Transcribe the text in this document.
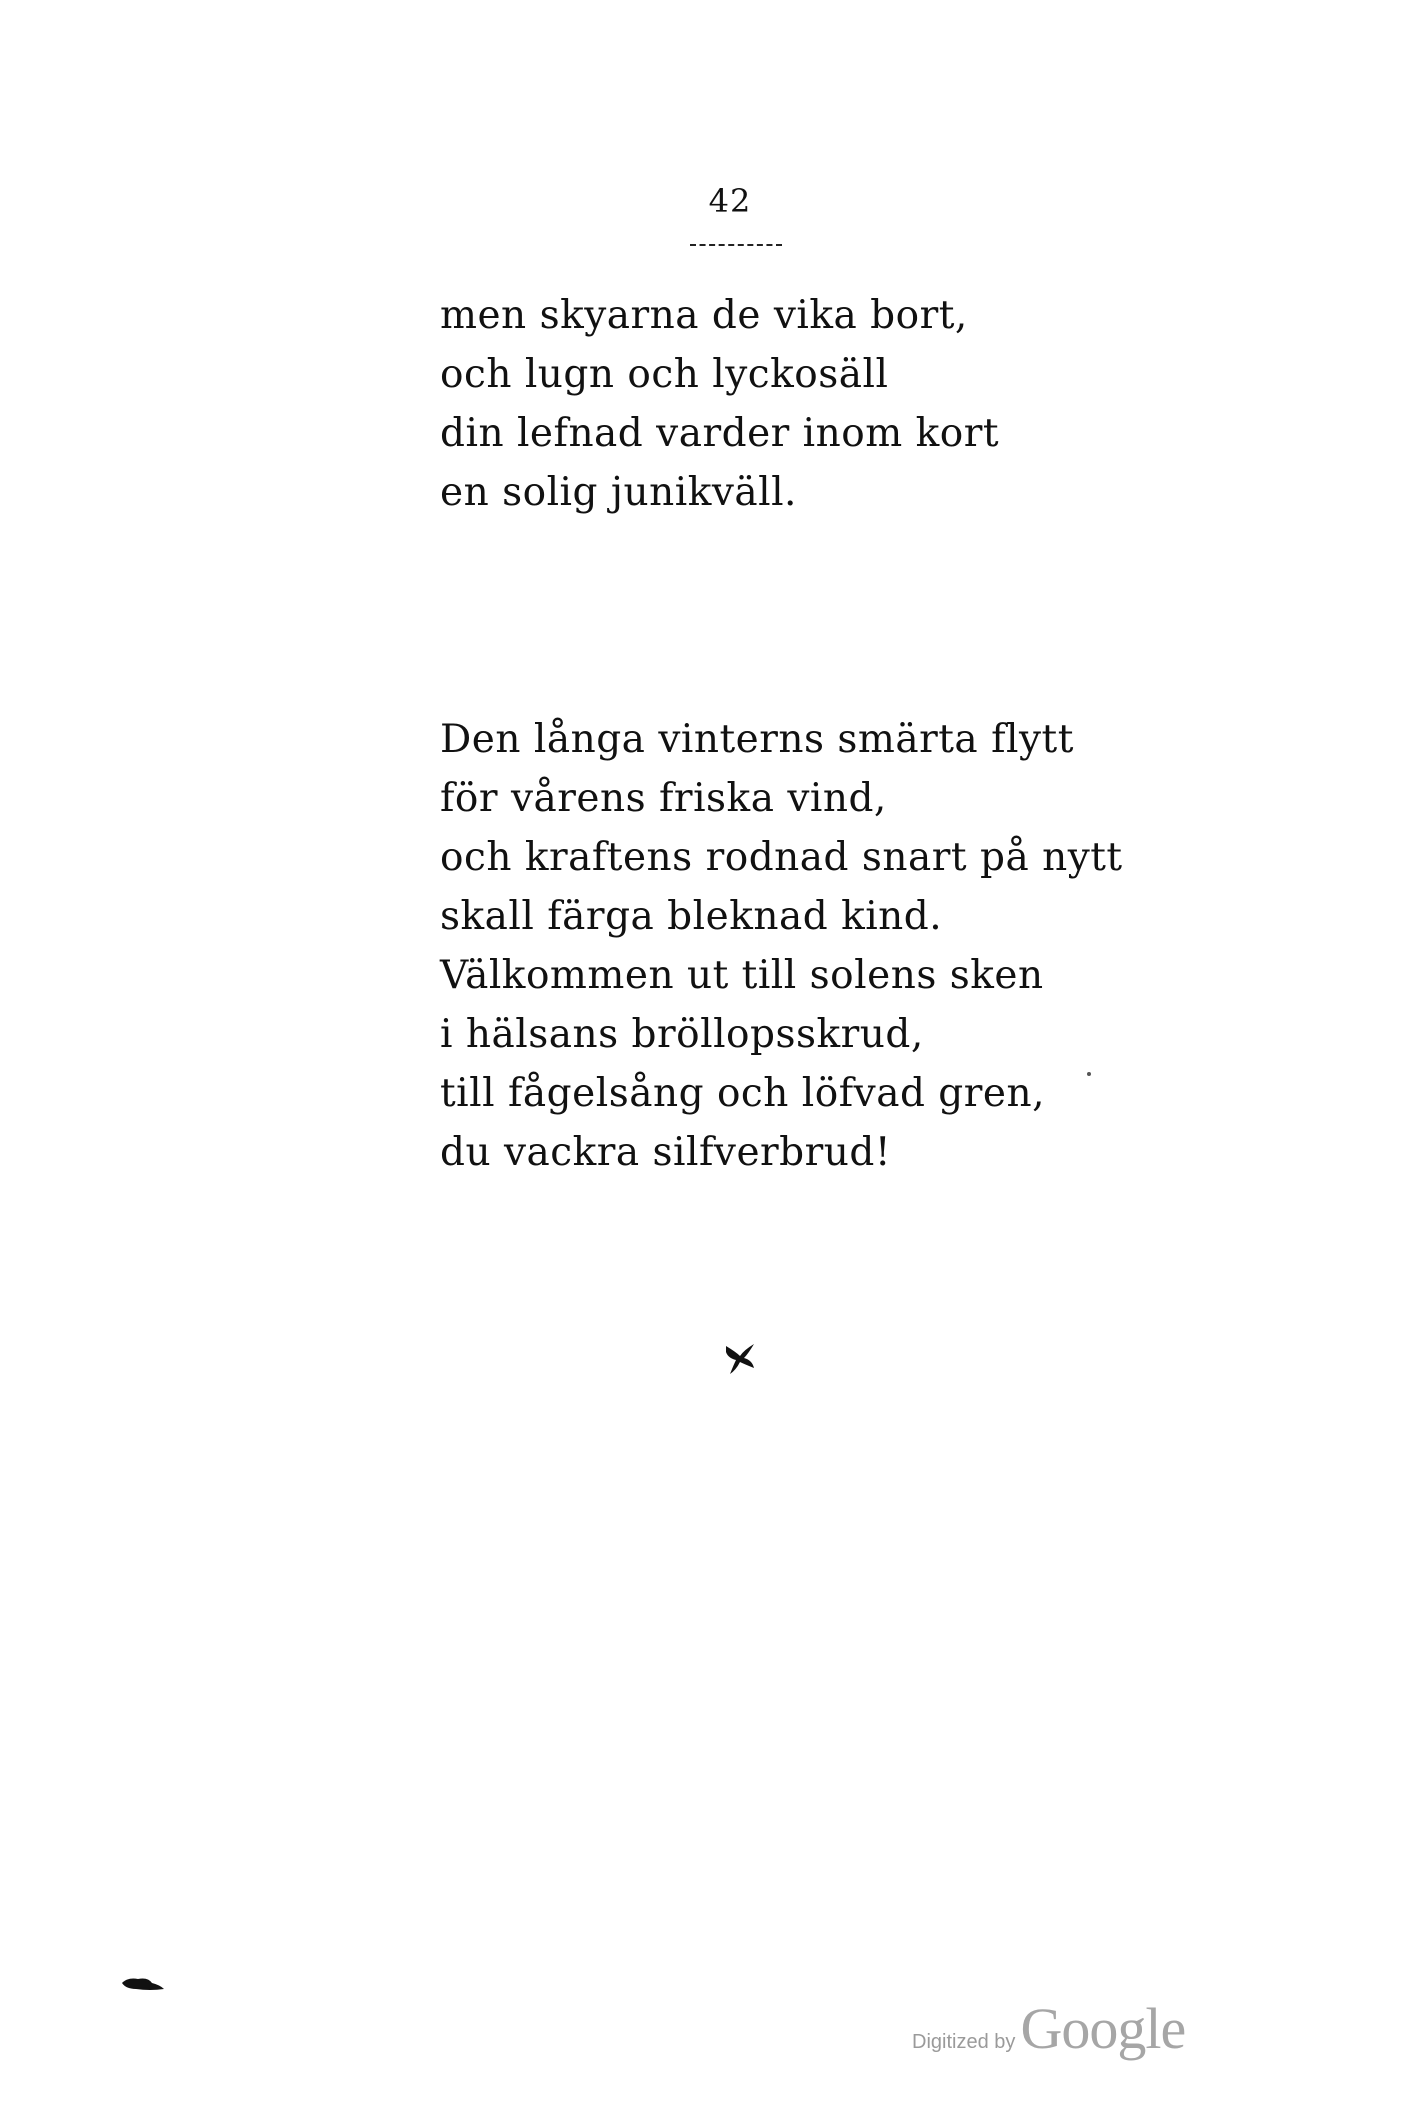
42
men skyarna de vika bort,
och lugn och lyckosäll
din lefnad varder inom kort
en solig junikväll.
Den långa vinterns smärta flytt
för vårens friska vind,
och kraftens rodnad snart på nytt
skall färga bleknad kind.
Välkommen ut till solens sken
i hälsans bröllopsskrud,
till fågelsång och löfvad gren,
du vackra silfverbrud!
Digitized by Google
